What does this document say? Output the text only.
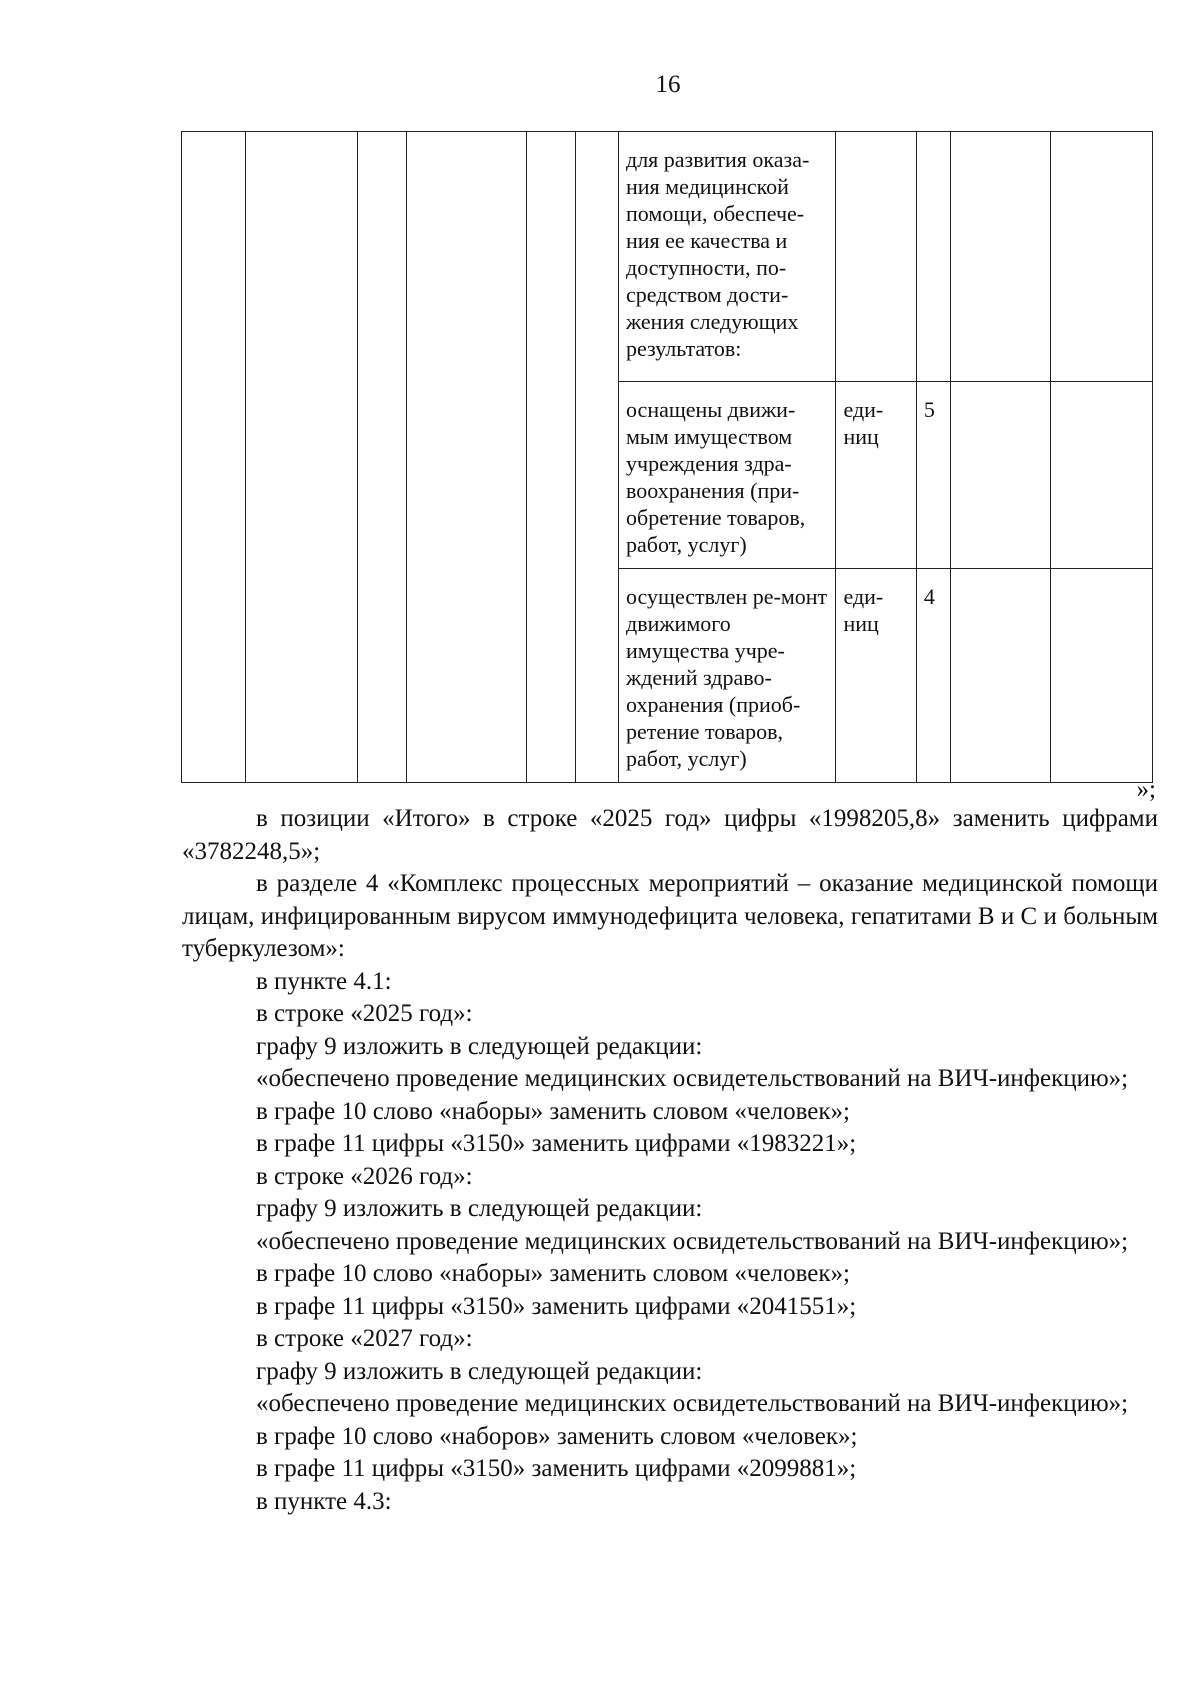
16

						для развития оказа-ния медицинской помощи, обеспече-ния ее качества и доступности, по-средством дости-жения следующих результатов:				

						оснащены движи-мым имуществом учреждения здра-воохранения (при-обретение товаров, работ, услуг)	еди-ниц	5		

						осуществлен ре-монт движимого имущества учре-ждений здраво-охранения (приоб-ретение товаров, работ, услуг)	еди-ниц	4		
»;

в позиции «Итого» в строке «2025 год» цифры «1998205,8» заменить цифрами «3782248,5»;

в разделе 4 «Комплекс процессных мероприятий – оказание медицинской помощи лицам, инфицированным вирусом иммунодефицита человека, гепатитами В и С и больным туберкулезом»:

в пункте 4.1:

в строке «2025 год»:

графу 9 изложить в следующей редакции:

«обеспечено проведение медицинских освидетельствований на ВИЧ-инфекцию»;

в графе 10 слово «наборы» заменить словом «человек»;

в графе 11 цифры «3150» заменить цифрами «1983221»;

в строке «2026 год»:

графу 9 изложить в следующей редакции:

«обеспечено проведение медицинских освидетельствований на ВИЧ-инфекцию»;

в графе 10 слово «наборы» заменить словом «человек»;

в графе 11 цифры «3150» заменить цифрами «2041551»;

в строке «2027 год»:

графу 9 изложить в следующей редакции:

«обеспечено проведение медицинских освидетельствований на ВИЧ-инфекцию»;

в графе 10 слово «наборов» заменить словом «человек»;

в графе 11 цифры «3150» заменить цифрами «2099881»;

в пункте 4.3:
